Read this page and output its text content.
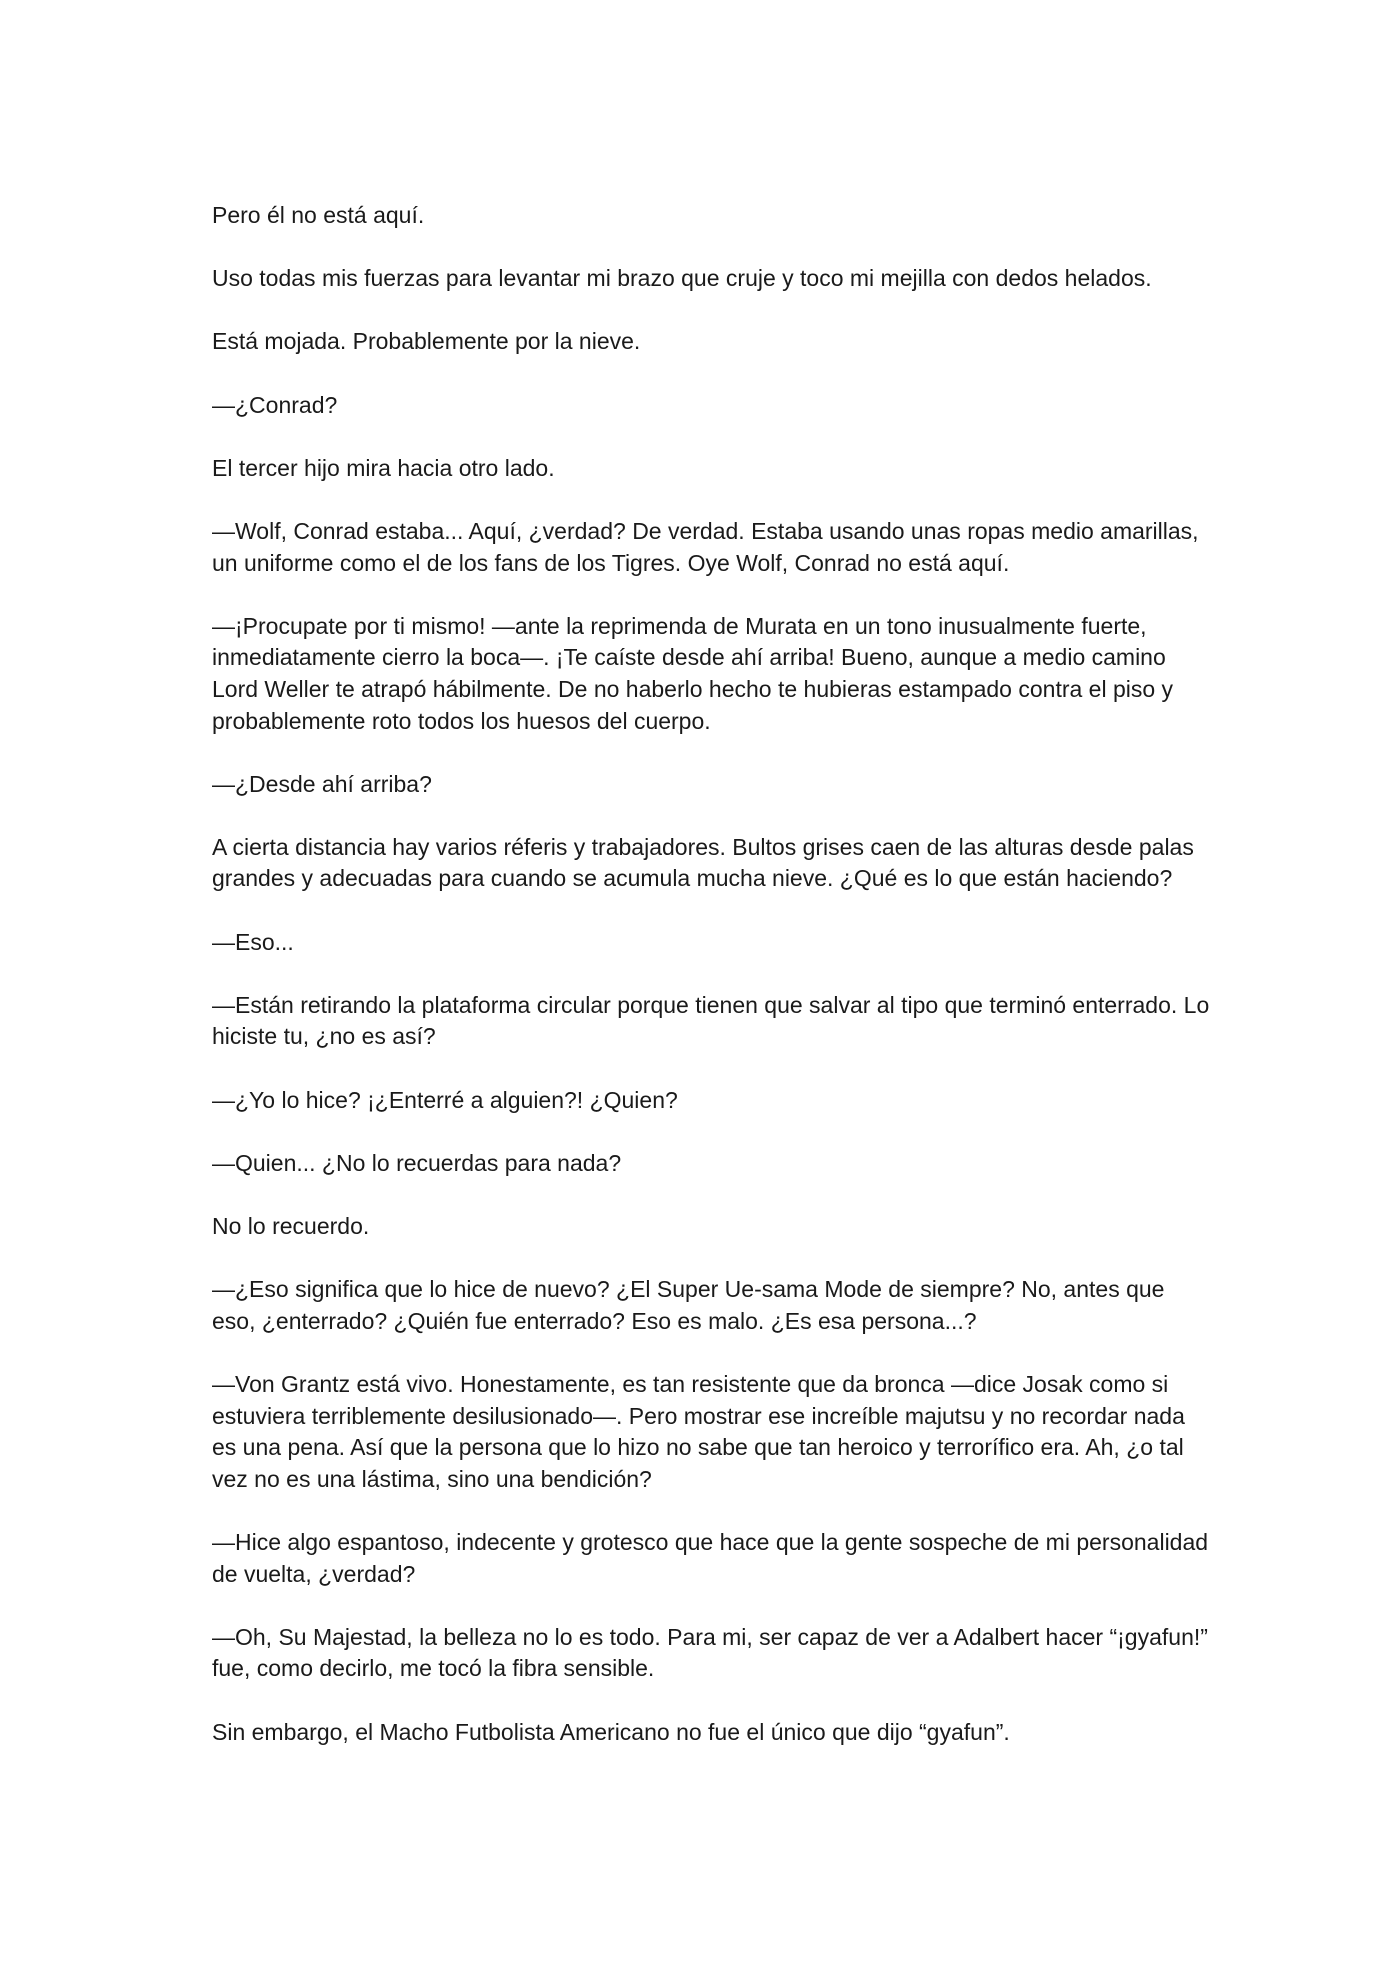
Pero él no está aquí.

Uso todas mis fuerzas para levantar mi brazo que cruje y toco mi mejilla con dedos helados.

Está mojada. Probablemente por la nieve.

—¿Conrad?

El tercer hijo mira hacia otro lado.

—Wolf, Conrad estaba... Aquí, ¿verdad? De verdad. Estaba usando unas ropas medio amarillas, un uniforme como el de los fans de los Tigres. Oye Wolf, Conrad no está aquí.

—¡Procupate por ti mismo! —ante la reprimenda de Murata en un tono inusualmente fuerte, inmediatamente cierro la boca—. ¡Te caíste desde ahí arriba! Bueno, aunque a medio camino Lord Weller te atrapó hábilmente. De no haberlo hecho te hubieras estampado contra el piso y probablemente roto todos los huesos del cuerpo.

—¿Desde ahí arriba?

A cierta distancia hay varios réferis y trabajadores. Bultos grises caen de las alturas desde palas grandes y adecuadas para cuando se acumula mucha nieve. ¿Qué es lo que están haciendo?

—Eso...

—Están retirando la plataforma circular porque tienen que salvar al tipo que terminó enterrado. Lo hiciste tu, ¿no es así?

—¿Yo lo hice? ¡¿Enterré a alguien?! ¿Quien?

—Quien... ¿No lo recuerdas para nada?

No lo recuerdo.

—¿Eso significa que lo hice de nuevo? ¿El Super Ue-sama Mode de siempre? No, antes que eso, ¿enterrado? ¿Quién fue enterrado? Eso es malo. ¿Es esa persona...?

—Von Grantz está vivo. Honestamente, es tan resistente que da bronca —dice Josak como si estuviera terriblemente desilusionado—. Pero mostrar ese increíble majutsu y no recordar nada es una pena. Así que la persona que lo hizo no sabe que tan heroico y terrorífico era. Ah, ¿o tal vez no es una lástima, sino una bendición?

—Hice algo espantoso, indecente y grotesco que hace que la gente sospeche de mi personalidad de vuelta, ¿verdad?

—Oh, Su Majestad, la belleza no lo es todo. Para mi, ser capaz de ver a Adalbert hacer “¡gyafun!” fue, como decirlo, me tocó la fibra sensible.

Sin embargo, el Macho Futbolista Americano no fue el único que dijo “gyafun”.
